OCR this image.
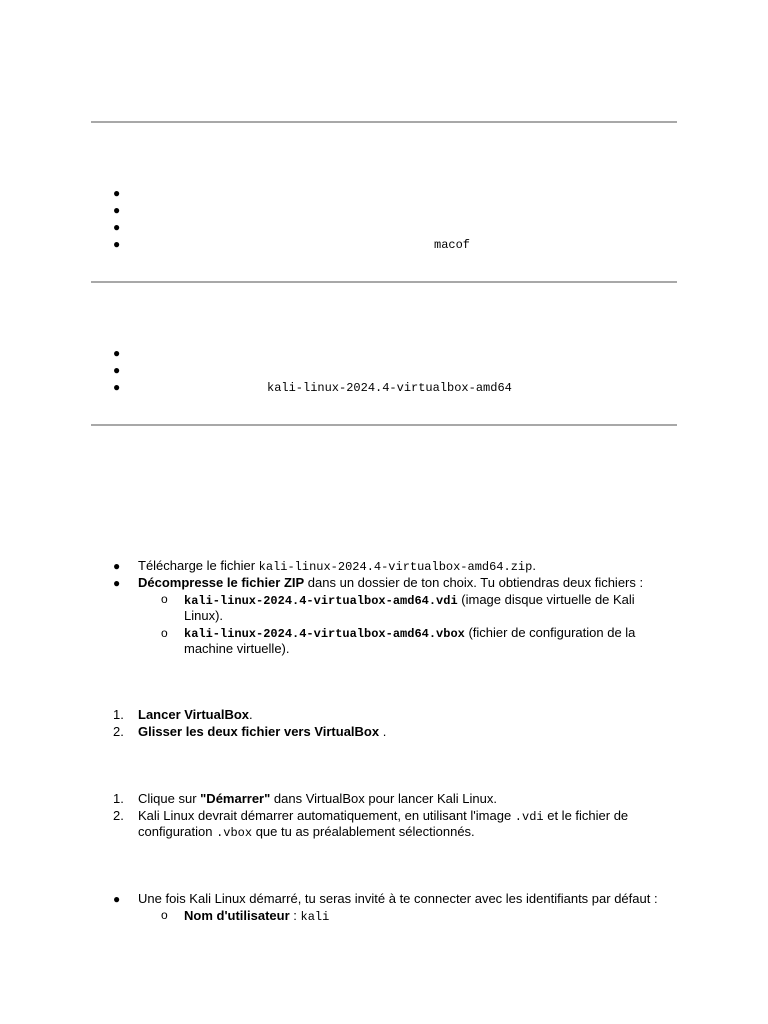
●
●
●
●	macof
●
●
●	kali-linux-2024.4-virtualbox-amd64
● Télécharge le fichier kali-linux-2024.4-virtualbox-amd64.zip.
● Décompresse le fichier ZIP dans un dossier de ton choix. Tu obtiendras deux fichiers :
o kali-linux-2024.4-virtualbox-amd64.vdi (image disque virtuelle de Kali
Linux).
o kali-linux-2024.4-virtualbox-amd64.vbox (fichier de configuration de la
machine virtuelle).
1. Lancer VirtualBox.
2. Glisser les deux fichier vers VirtualBox .
1. Clique sur "Démarrer" dans VirtualBox pour lancer Kali Linux.
2. Kali Linux devrait démarrer automatiquement, en utilisant l'image .vdi et le fichier de
configuration .vbox que tu as préalablement sélectionnés.
● Une fois Kali Linux démarré, tu seras invité à te connecter avec les identifiants par défaut :
o Nom d'utilisateur : kali
